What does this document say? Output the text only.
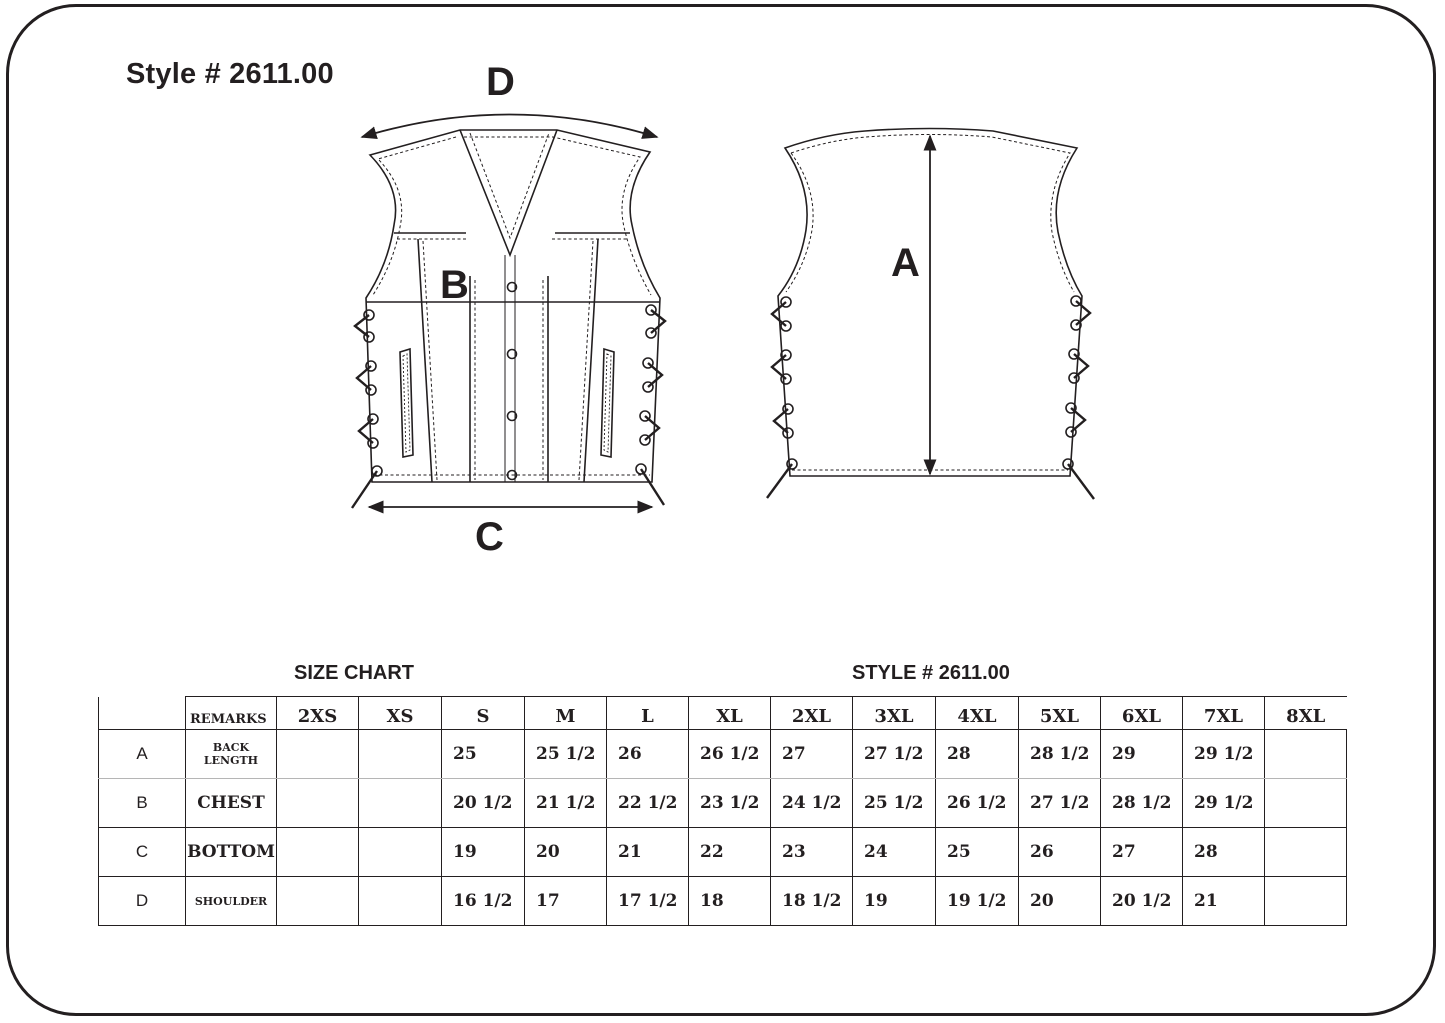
Style # 2611.00	D
B
C
A
SIZE CHART	STYLE # 2611.00
	REMARKS	2XS	XS	S	M	L	XL	2XL	3XL	4XL	5XL	6XL	7XL	8XL
A	BACK LENGTH			25	25 1/2	26	26 1/2	27	27 1/2	28	28 1/2	29	29 1/2	
B	CHEST			20 1/2	21 1/2	22 1/2	23 1/2	24 1/2	25 1/2	26 1/2	27 1/2	28 1/2	29 1/2	
C	BOTTOM			19	20	21	22	23	24	25	26	27	28	
D	SHOULDER			16 1/2	17	17 1/2	18	18 1/2	19	19 1/2	20	20 1/2	21	
